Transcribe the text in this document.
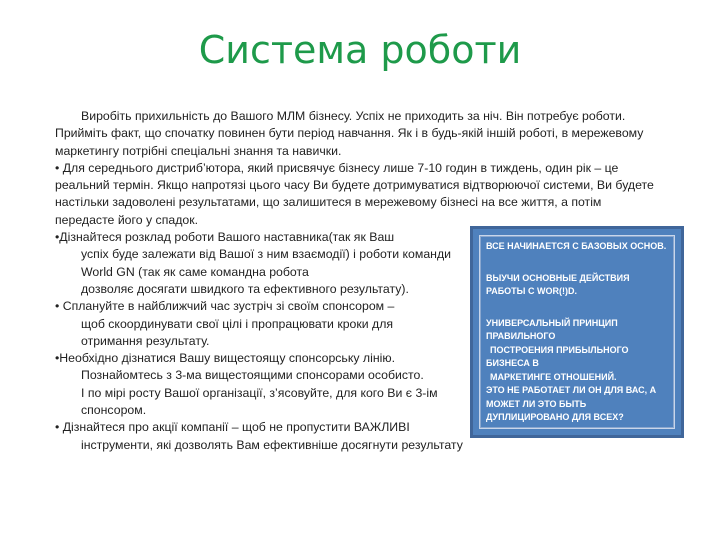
Система роботи

Виробіть прихильність до Вашого МЛМ бізнесу. Успіх не приходить за ніч. Він потребує роботи.

Прийміть факт, що спочатку повинен бути період навчання. Як і в будь-якій іншій роботі, в мережевому

маркетингу потрібні спеціальні знання та навички.

• Для середнього дистриб’ютора, який присвячує бізнесу лише 7-10 годин в тиждень, один рік – це

реальний термін. Якщо напротязі цього часу Ви будете дотримуватися відтворюючої системи, Ви будете

настільки задоволені результатами, що залишитеся в мережевому бізнесі на все життя, а потім

передасте його у спадок.

•Дізнайтеся розклад роботи Вашого наставника(так як Ваш

успіх буде залежати від Вашої з ним взаємодії) і роботи команди

World GN (так як саме командна робота

дозволяє досягати швидкого та ефективного результату).

• Сплануйте в найближчий час зустріч зі своїм спонсором –

щоб скоординувати свої цілі і пропрацювати кроки для

отримання результату.

•Необхідно дізнатися Вашу вищестоящу спонсорську лінію.

Познайомтесь з 3-ма вищестоящими спонсорами особисто.

І по мірі росту Вашої організації, з’ясовуйте, для кого Ви є 3-ім

спонсором.

• Дізнайтеся про акції компанії – щоб не пропустити ВАЖЛИВІ

інструменти, які дозволять Вам ефективніше досягнути результату

ВСЕ НАЧИНАЕТСЯ С БАЗОВЫХ ОСНОВ.

ВЫУЧИ ОСНОВНЫЕ ДЕЙСТВИЯ

РАБОТЫ С WOR(!)D.

УНИВЕРСАЛЬНЫЙ ПРИНЦИП

ПРАВИЛЬНОГО

ПОСТРОЕНИЯ ПРИБЫЛЬНОГО

БИЗНЕСА В

МАРКЕТИНГЕ ОТНОШЕНИЙ.

ЭТО НЕ РАБОТАЕТ ЛИ ОН ДЛЯ ВАС, А

МОЖЕТ ЛИ ЭТО БЫТЬ

ДУПЛИЦИРОВАНО ДЛЯ ВСЕХ?
